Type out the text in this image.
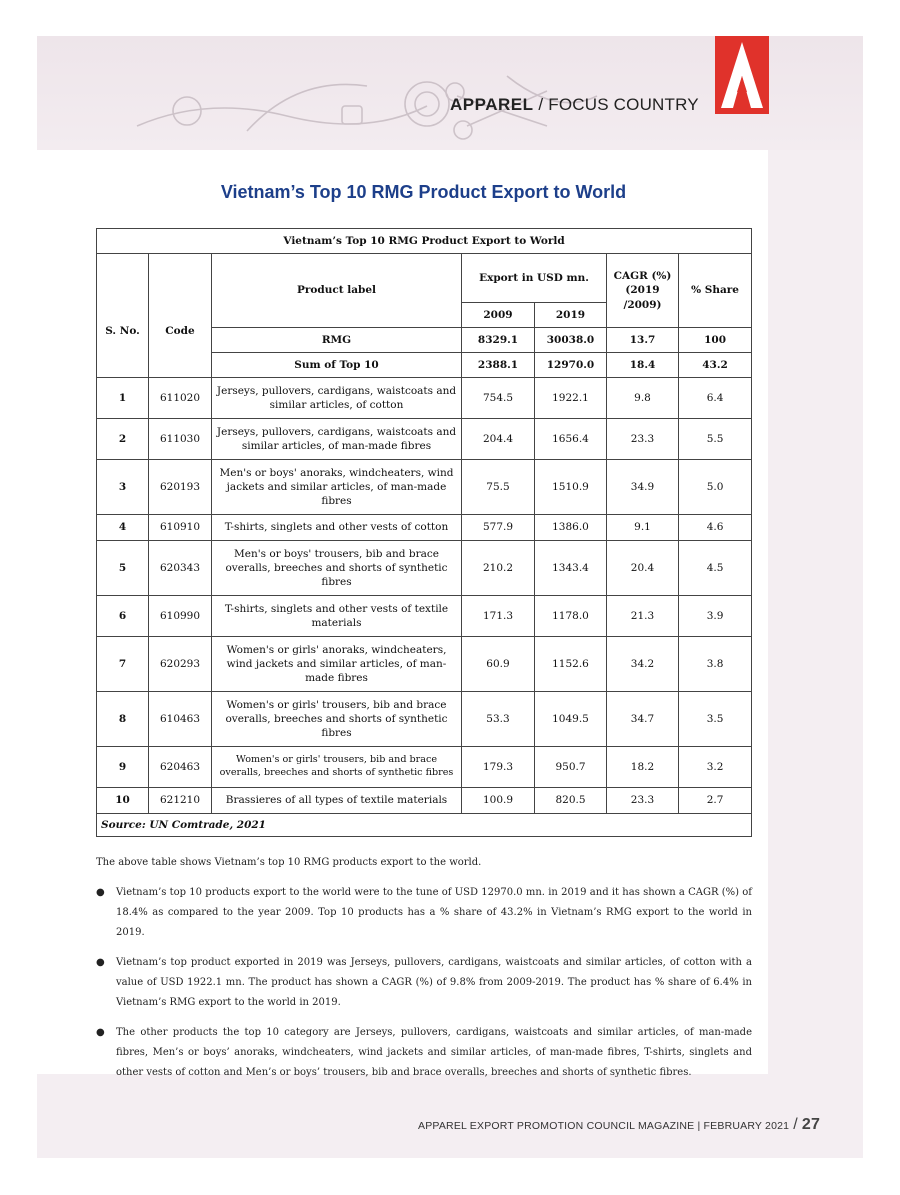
APPAREL / FOCUS COUNTRY
Vietnam’s Top 10 RMG Product Export to World
Vietnam’s Top 10 RMG Product Export to World						
S. No.	Code	Product label	Export in USD mn.		CAGR (%) (2019 /2009)	% Share
			2009	2019		
		RMG	8329.1	30038.0	13.7	100
		Sum of Top 10	2388.1	12970.0	18.4	43.2
1	611020	Jerseys, pullovers, cardigans, waistcoats and similar articles, of cotton	754.5	1922.1	9.8	6.4
2	611030	Jerseys, pullovers, cardigans, waistcoats and similar articles, of man-made fibres	204.4	1656.4	23.3	5.5
3	620193	Men's or boys' anoraks, windcheaters, wind jackets and similar articles, of man-made fibres	75.5	1510.9	34.9	5.0
4	610910	T-shirts, singlets and other vests of cotton	577.9	1386.0	9.1	4.6
5	620343	Men's or boys' trousers, bib and brace overalls, breeches and shorts of synthetic fibres	210.2	1343.4	20.4	4.5
6	610990	T-shirts, singlets and other vests of textile materials	171.3	1178.0	21.3	3.9
7	620293	Women's or girls' anoraks, windcheaters, wind jackets and similar articles, of man-made fibres	60.9	1152.6	34.2	3.8
8	610463	Women's or girls' trousers, bib and brace overalls, breeches and shorts of synthetic fibres	53.3	1049.5	34.7	3.5
9	620463	Women's or girls' trousers, bib and brace overalls, breeches and shorts of synthetic fibres	179.3	950.7	18.2	3.2
10	621210	Brassieres of all types of textile materials	100.9	820.5	23.3	2.7
Source: UN Comtrade, 2021						

The above table shows Vietnam’s top 10 RMG products export to the world.

● Vietnam’s top 10 products export to the world were to the tune of USD 12970.0 mn. in 2019 and it has shown a CAGR (%) of 18.4% as compared to the year 2009. Top 10 products has a % share of 43.2% in Vietnam’s RMG export to the world in 2019.
● Vietnam’s top product exported in 2019 was Jerseys, pullovers, cardigans, waistcoats and similar articles, of cotton with a value of USD 1922.1 mn. The product has shown a CAGR (%) of 9.8% from 2009-2019. The product has % share of 6.4% in Vietnam’s RMG export to the world in 2019.
● The other products the top 10 category are Jerseys, pullovers, cardigans, waistcoats and similar articles, of man-made fibres, Men’s or boys’ anoraks, windcheaters, wind jackets and similar articles, of man-made fibres, T-shirts, singlets and other vests of cotton and Men’s or boys’ trousers, bib and brace overalls, breeches and shorts of synthetic fibres.
APPAREL EXPORT PROMOTION COUNCIL MAGAZINE | FEBRUARY 2021 / 27
